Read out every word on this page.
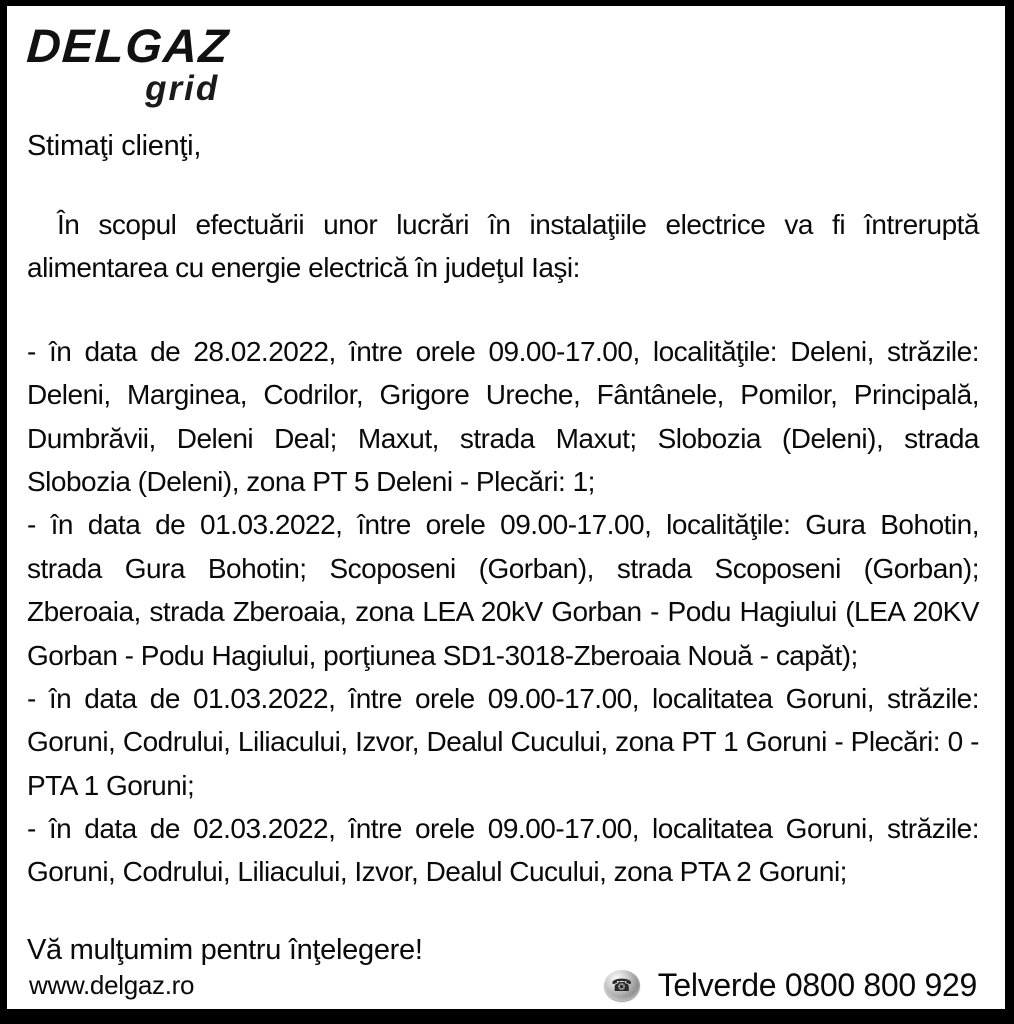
DELGAZ
grid
Stimaţi clienţi,

În scopul efectuării unor lucrări în instalaţiile electrice va fi întreruptă alimentarea cu energie electrică în judeţul Iaşi:

- în data de 28.02.2022, între orele 09.00-17.00, localităţile: Deleni, străzile: Deleni, Marginea, Codrilor, Grigore Ureche, Fântânele, Pomilor, Principală, Dumbrăvii, Deleni Deal; Maxut, strada Maxut; Slobozia (Deleni), strada Slobozia (Deleni), zona PT 5 Deleni - Plecări: 1;

- în data de 01.03.2022, între orele 09.00-17.00, localităţile: Gura Bohotin, strada Gura Bohotin; Scoposeni (Gorban), strada Scoposeni (Gorban); Zberoaia, strada Zberoaia, zona LEA 20kV Gorban - Podu Hagiului (LEA 20KV Gorban - Podu Hagiului, porţiunea SD1-3018-Zberoaia Nouă - capăt);

- în data de 01.03.2022, între orele 09.00-17.00, localitatea Goruni, străzile: Goruni, Codrului, Liliacului, Izvor, Dealul Cucului, zona PT 1 Goruni - Plecări: 0 - PTA 1 Goruni;

- în data de 02.03.2022, între orele 09.00-17.00, localitatea Goruni, străzile: Goruni, Codrului, Liliacului, Izvor, Dealul Cucului, zona PTA 2 Goruni;

Vă mulţumim pentru înţelegere!
www.delgaz.ro	☎ Telverde 0800 800 929
